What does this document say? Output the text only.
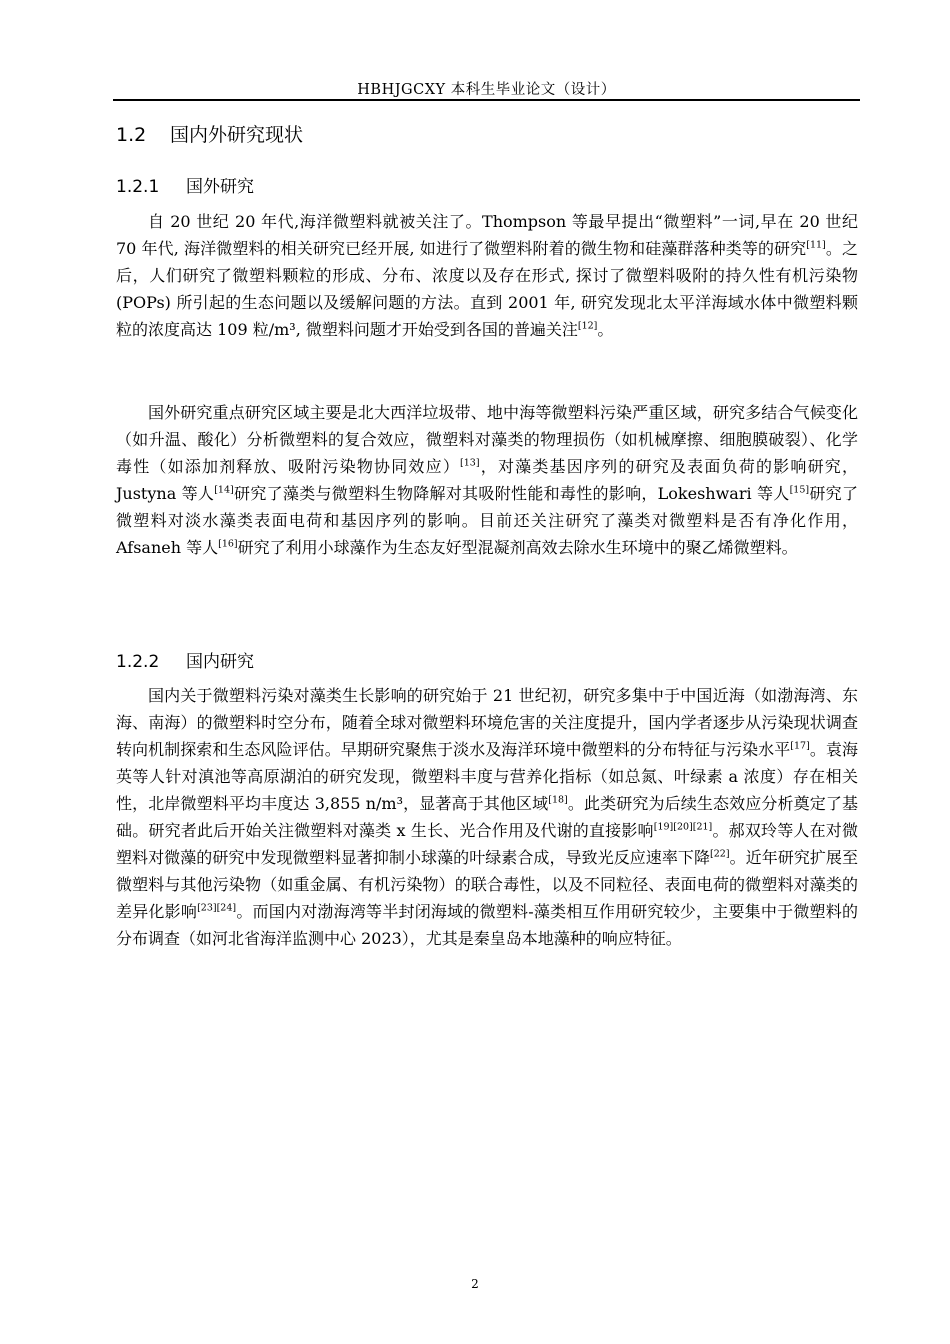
HBHJGCXY 本科生毕业论文（设计）
1.2 国内外研究现状
1.2.1 国外研究

自 20 世纪 20 年代,海洋微塑料就被关注了。Thompson 等最早提出“微塑料”一词,早在 20 世纪 70 年代, 海洋微塑料的相关研究已经开展, 如进行了微塑料附着的微生物和硅藻群落种类等的研究[11]。之后，人们研究了微塑料颗粒的形成、分布、浓度以及存在形式, 探讨了微塑料吸附的持久性有机污染物(POPs) 所引起的生态问题以及缓解问题的方法。直到 2001 年, 研究发现北太平洋海域水体中微塑料颗粒的浓度高达 109 粒/m³, 微塑料问题才开始受到各国的普遍关注[12]。

国外研究重点研究区域主要是北大西洋垃圾带、地中海等微塑料污染严重区域，研究多结合气候变化（如升温、酸化）分析微塑料的复合效应，微塑料对藻类的物理损伤（如机械摩擦、细胞膜破裂）、化学毒性（如添加剂释放、吸附污染物协同效应）[13]，对藻类基因序列的研究及表面负荷的影响研究，Justyna 等人[14]研究了藻类与微塑料生物降解对其吸附性能和毒性的影响，Lokeshwari 等人[15]研究了微塑料对淡水藻类表面电荷和基因序列的影响。目前还关注研究了藻类对微塑料是否有净化作用，Afsaneh 等人[16]研究了利用小球藻作为生态友好型混凝剂高效去除水生环境中的聚乙烯微塑料。

1.2.2 国内研究

国内关于微塑料污染对藻类生长影响的研究始于 21 世纪初，研究多集中于中国近海（如渤海湾、东海、南海）的微塑料时空分布，随着全球对微塑料环境危害的关注度提升，国内学者逐步从污染现状调查转向机制探索和生态风险评估。早期研究聚焦于淡水及海洋环境中微塑料的分布特征与污染水平[17]。袁海英等人针对滇池等高原湖泊的研究发现，微塑料丰度与营养化指标（如总氮、叶绿素 a 浓度）存在相关性，北岸微塑料平均丰度达 3,855 n/m³，显著高于其他区域[18]。此类研究为后续生态效应分析奠定了基础。研究者此后开始关注微塑料对藻类 x 生长、光合作用及代谢的直接影响[19][20][21]。郝双玲等人在对微塑料对微藻的研究中发现微塑料显著抑制小球藻的叶绿素合成，导致光反应速率下降[22]。近年研究扩展至微塑料与其他污染物（如重金属、有机污染物）的联合毒性，以及不同粒径、表面电荷的微塑料对藻类的差异化影响[23][24]。而国内对渤海湾等半封闭海域的微塑料-藻类相互作用研究较少，主要集中于微塑料的分布调查（如河北省海洋监测中心 2023），尤其是秦皇岛本地藻种的响应特征。

2
